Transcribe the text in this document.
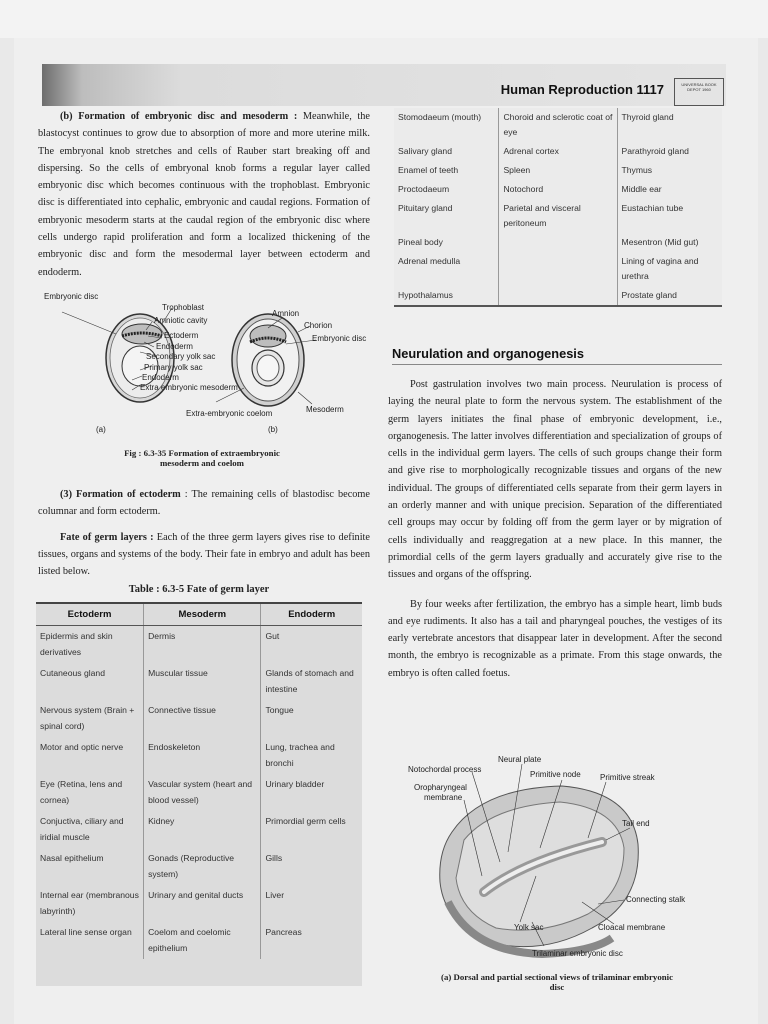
Human Reproduction 1117	UNIVERSAL BOOK DEPOT 1960

(b) Formation of embryonic disc and mesoderm : Meanwhile, the blastocyst continues to grow due to absorption of more and more uterine milk. The embryonal knob stretches and cells of Rauber start breaking off and dispersing. So the cells of embryonal knob forms a regular layer called embryonic disc which becomes continuous with the trophoblast. Embryonic disc is differentiated into cephalic, embryonic and caudal regions. Formation of embryonic mesoderm starts at the caudal region of the embryonic disc where cells undergo rapid proliferation and form a localized thickening of the embryonic disc and form the mesodermal layer between ectoderm and endoderm.

Embryonic disc
Trophoblast
Amniotic cavity
Ectoderm
Endoderm
Secondary yolk sac
Primary yolk sac
Endoderm
Extra embryonic mesoderm
Extra-embryonic coelom
Amnion
Chorion
Embryonic disc
Mesoderm
(a)	(b)
Fig : 6.3-35 Formation of extraembryonic
mesoderm and coelom

(3) Formation of ectoderm : The remaining cells of blastodisc become columnar and form ectoderm.

Fate of germ layers : Each of the three germ layers gives rise to definite tissues, organs and systems of the body. Their fate in embryo and adult has been listed below.

Table : 6.3-5 Fate of germ layer
Ectoderm	Mesoderm	Endoderm
Epidermis and skin derivatives	Dermis	Gut
Cutaneous gland	Muscular tissue	Glands of stomach and intestine
Nervous system (Brain + spinal cord)	Connective tissue	Tongue
Motor and optic nerve	Endoskeleton	Lung, trachea and bronchi
Eye (Retina, lens and cornea)	Vascular system (heart and blood vessel)	Urinary bladder
Conjuctiva, ciliary and iridial muscle	Kidney	Primordial germ cells
Nasal epithelium	Gonads (Reproductive system)	Gills
Internal ear (membranous labyrinth)	Urinary and genital ducts	Liver
Lateral line sense organ	Coelom and coelomic epithelium	Pancreas
Stomodaeum (mouth)	Choroid and sclerotic coat of eye	Thyroid gland
Salivary gland	Adrenal cortex	Parathyroid gland
Enamel of teeth	Spleen	Thymus
Proctodaeum	Notochord	Middle ear
Pituitary gland	Parietal and visceral peritoneum	Eustachian tube
Pineal body		Mesentron (Mid gut)
Adrenal medulla		Lining of vagina and urethra
Hypothalamus		Prostate gland
Neurulation and organogenesis

Post gastrulation involves two main process. Neurulation is process of laying the neural plate to form the nervous system. The establishment of the germ layers initiates the final phase of embryonic development, i.e., organogenesis. The latter involves differentiation and specialization of groups of cells in the individual germ layers. The cells of such groups change their form and give rise to morphologically recognizable tissues and organs of the new individual. The groups of differentiated cells separate from their germ layers in an orderly manner and with unique precision. Separation of the differentiated cell groups may occur by folding off from the germ layer or by migration of cells individually and reaggregation at a new place. In this manner, the primordial cells of the germ layers gradually and accurately give rise to the tissues and organs of the offspring.

By four weeks after fertilization, the embryo has a simple heart, limb buds and eye rudiments. It also has a tail and pharyngeal pouches, the vestiges of its early vertebrate ancestors that disappear later in development. After the second month, the embryo is recognizable as a primate. From this stage onwards, the embryo is often called foetus.

Neural plate
Notochordal process
Primitive node Primitive streak
Oropharyngeal
membrane
Tail end
Connecting stalk
Yolk sac	Cloacal membrane
Trilaminar embryonic disc
(a) Dorsal and partial sectional views of trilaminar embryonic
disc
